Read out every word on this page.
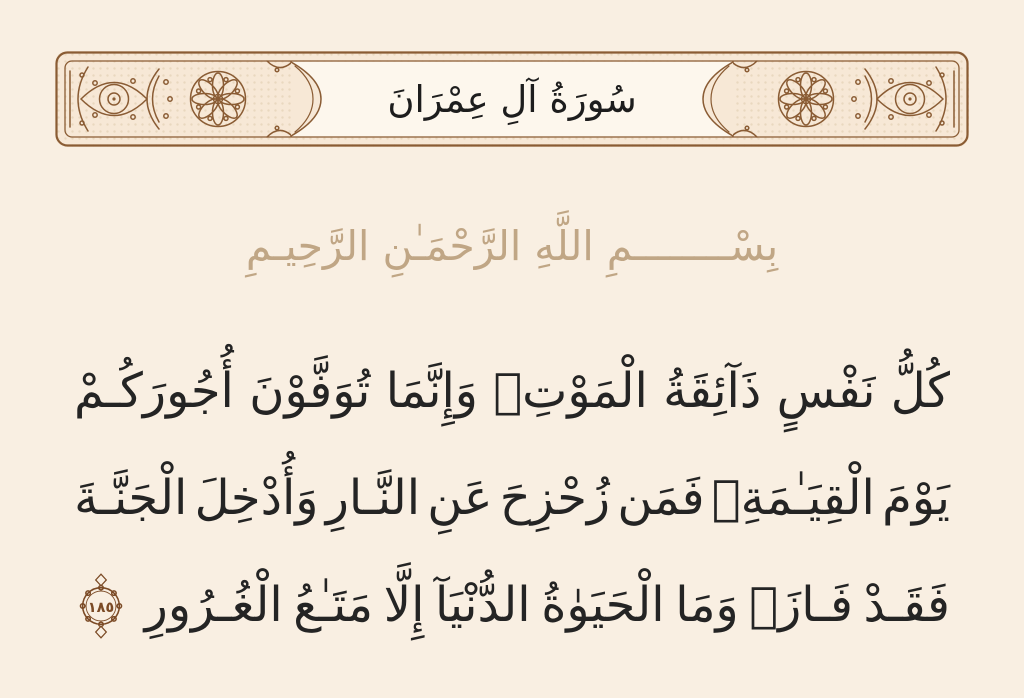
سُورَةُ آلِ عِمْرَانَ
بِسْــــــــمِ اللَّهِ الرَّحْمَـٰنِ الرَّحِيـمِ
كُلُّ
نَفْسٍ
ذَآئِقَةُ
الْمَوْتِۗ
وَإِنَّمَا
تُوَفَّوْنَ
أُجُورَكُـمْ
يَوْمَ
الْقِيَـٰمَةِۖ
فَمَن
زُحْزِحَ
عَنِ
النَّـارِ
وَأُدْخِلَ
الْجَنَّـةَ
فَقَـدْ
فَـازَۗ
وَمَا
الْحَيَوٰةُ
الدُّنْيَآ
إِلَّا
مَتَـٰعُ
الْغُـرُورِ
١٨٥
